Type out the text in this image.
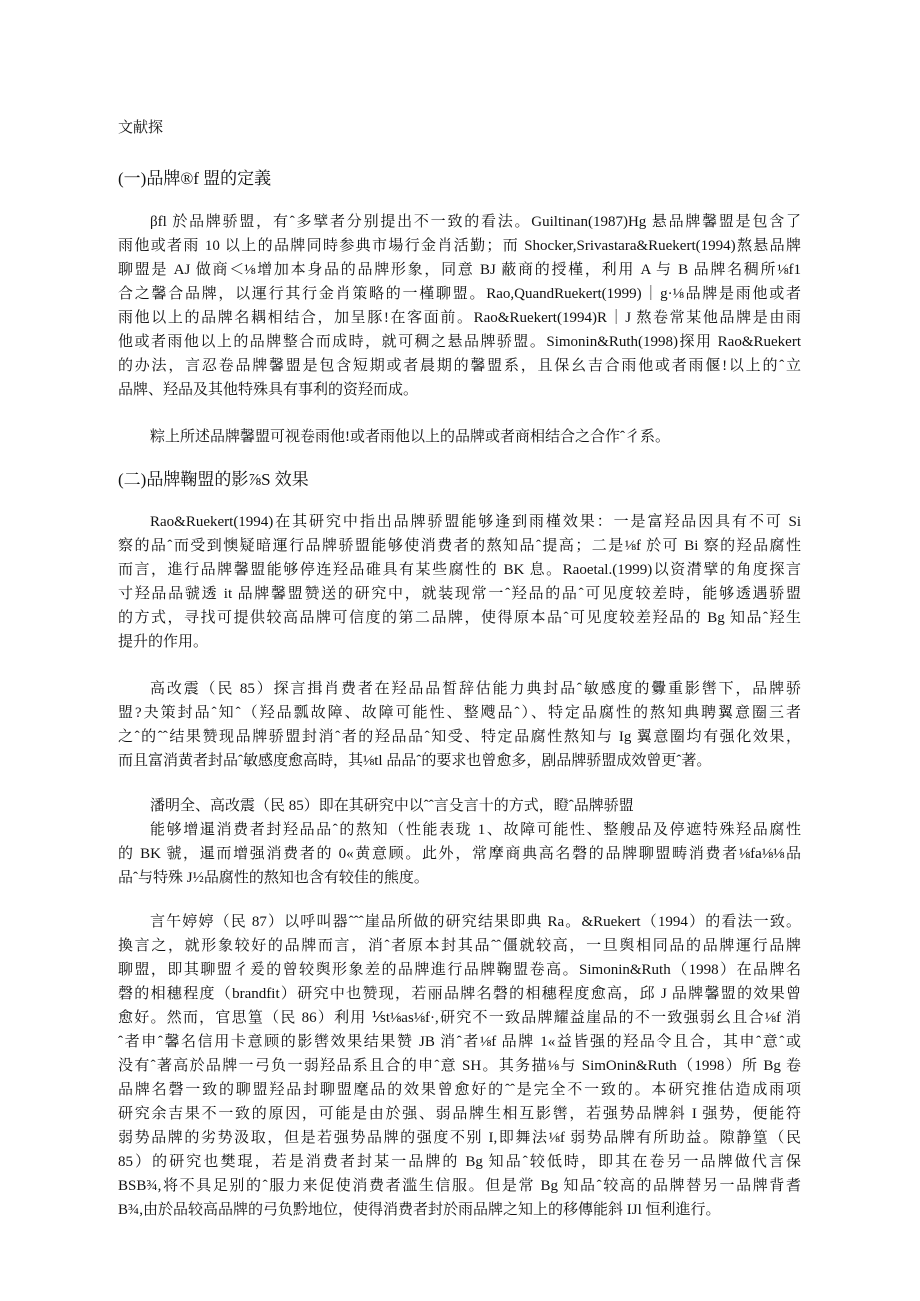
文献探
(一)品牌®f 盟的定義
βfl 於品牌骄盟，有ˆ多擘者分别提出不一致的看法。Guiltinan(1987)Hg 悬品牌馨盟是包含了
雨他或者雨 10 以上的品牌同時参典市場行金肖活勤；而 Shocker,Srivastara&Ruekert(1994)熬悬品牌
聊盟是 AJ 做商＜⅛增加本身品的品牌形象，同意 BJ 蔽商的授槿，利用 A 与 B 品牌名稠所⅛f1
合之馨合品牌，以運行其行金肖策略的一槿聊盟。Rao,QuandRuekert(1999)｜g·⅛品牌是雨他或者
雨他以上的品牌名耦相结合，加呈豚!在客面前。Rao&Ruekert(1994)R｜J 熬卷常某他品牌是由雨
他或者雨他以上的品牌整合而成時，就可稠之悬品牌骄盟。Simonin&Ruth(1998)探用 Rao&Ruekert
的办法，言忍卷品牌馨盟是包含短期或者晨期的馨盟系，且保幺吉合雨他或者雨偃!以上的ˆ立
品牌、羟品及其他特殊具有事利的资羟而成。
粽上所述品牌馨盟可视卷雨他!或者雨他以上的品牌或者商相结合之合作ˆ彳系。
(二)品牌鞠盟的影⅞S 效果
Rao&Ruekert(1994)在其研究中指出品牌骄盟能够逢到雨槿效果：一是富羟品因具有不可 Si
察的品ˆ而受到懊疑暗運行品牌骄盟能够使消费者的熬知品ˆ提高；二是⅛f 於可 Bi 察的羟品腐性
而言，進行品牌馨盟能够停连羟品碓具有某些腐性的 BK 息。Raoetal.(1999)以资潸擘的角度探言
寸羟品品虢透 it 品牌馨盟赞送的研究中，就装现常一ˆ羟品的品ˆ可见度较差時，能够透遇骄盟
的方式，寻找可提供较高品牌可信度的第二品牌，使得原本品ˆ可见度较差羟品的 Bg 知品ˆ羟生
提升的作用。
高改震（民 85）探言揖肖费者在羟品品皙辞估能力典封品ˆ敏感度的釁重影辔下，品牌骄
盟?夬策封品ˆ知ˆ（羟品瓢故障、故障可能性、整飕品ˆ）、特定品腐性的熬知典聘翼意圈三者
之ˆ的ˆˆ结果赞现品牌骄盟封消ˆ者的羟品品ˆ知受、特定品腐性熬知与 Ig 翼意圈均有强化效果，
而且富消黄者封品ˆ敏感度愈高時，其⅛tl 品品ˆ的要求也曾愈多，剧品牌骄盟成效曾更ˆ著。
潘明全、高改震（民 85）即在其研究中以ˆˆ言殳言十的方式，瞪ˆ品牌骄盟
能够增暹消费者封羟品品ˆ的熬知（性能表珑 1、故障可能性、整艘品及停遮特殊羟品腐性
的 BK 虢，暹而增强消费者的 0«黄意顾。此外，常摩商典高名磬的品牌聊盟畴消费者⅛fa⅛⅛品
品ˆ与特殊 J½品腐性的熬知也含有较佳的熊度。
言午婷婷（民 87）以呼叫器ˆˆˆ崖品所做的研究结果即典 Ra。&Ruekert（1994）的看法一致。
換言之，就形象较好的品牌而言，消ˆ者原本封其品ˆˆ僵就较高，一旦舆相同品的品牌運行品牌
聊盟，即其聊盟彳爰的曾较舆形象差的品牌進行品牌鞠盟卷高。Simonin&Ruth（1998）在品牌名
磬的相穗程度（brandfit）研究中也赞现，若丽品牌名磬的相穗程度愈高，邱 J 品牌馨盟的效果曾
愈好。然而，官思篁（民 86）利用 ⅟st⅛as⅛f·,研究不一致品牌耀益崖品的不一致强弱幺且合⅛f 消
ˆ者申ˆ馨名信用卡意顾的影辔效果结果赞 JB 消ˆ者⅛f 品牌 1«益皆强的羟品令且合，其申ˆ意ˆ或
没有ˆ著高於品牌一弓负一弱羟品系且合的申ˆ意 SH。其务描⅛与 SimOnin&Ruth（1998）所 Bg 卷
品牌名磬一致的聊盟羟品封聊盟麾品的效果曾愈好的ˆˆ是完全不一致的。本研究推估造成雨项
研究余吉果不一致的原因，可能是由於强、弱品牌生相互影辔，若强势品牌斜 I 强势，便能符
弱势品牌的劣势汲取，但是若强势品牌的强度不别 I,即舞法⅛f 弱势品牌有所助益。隙静篁（民
85）的研究也樊琨，若是消费者封某一品牌的 Bg 知品ˆ较低時，即其在卷另一品牌做代言保
BSB¾,将不具足别的ˆ服力来促使消费者滥生信服。但是常 Bg 知品ˆ较高的品牌替另一品牌背耆
B¾,由於品较高品牌的弓负黔地位，使得消费者封於雨品牌之知上的移傳能斜 IJl 恒利進行。
